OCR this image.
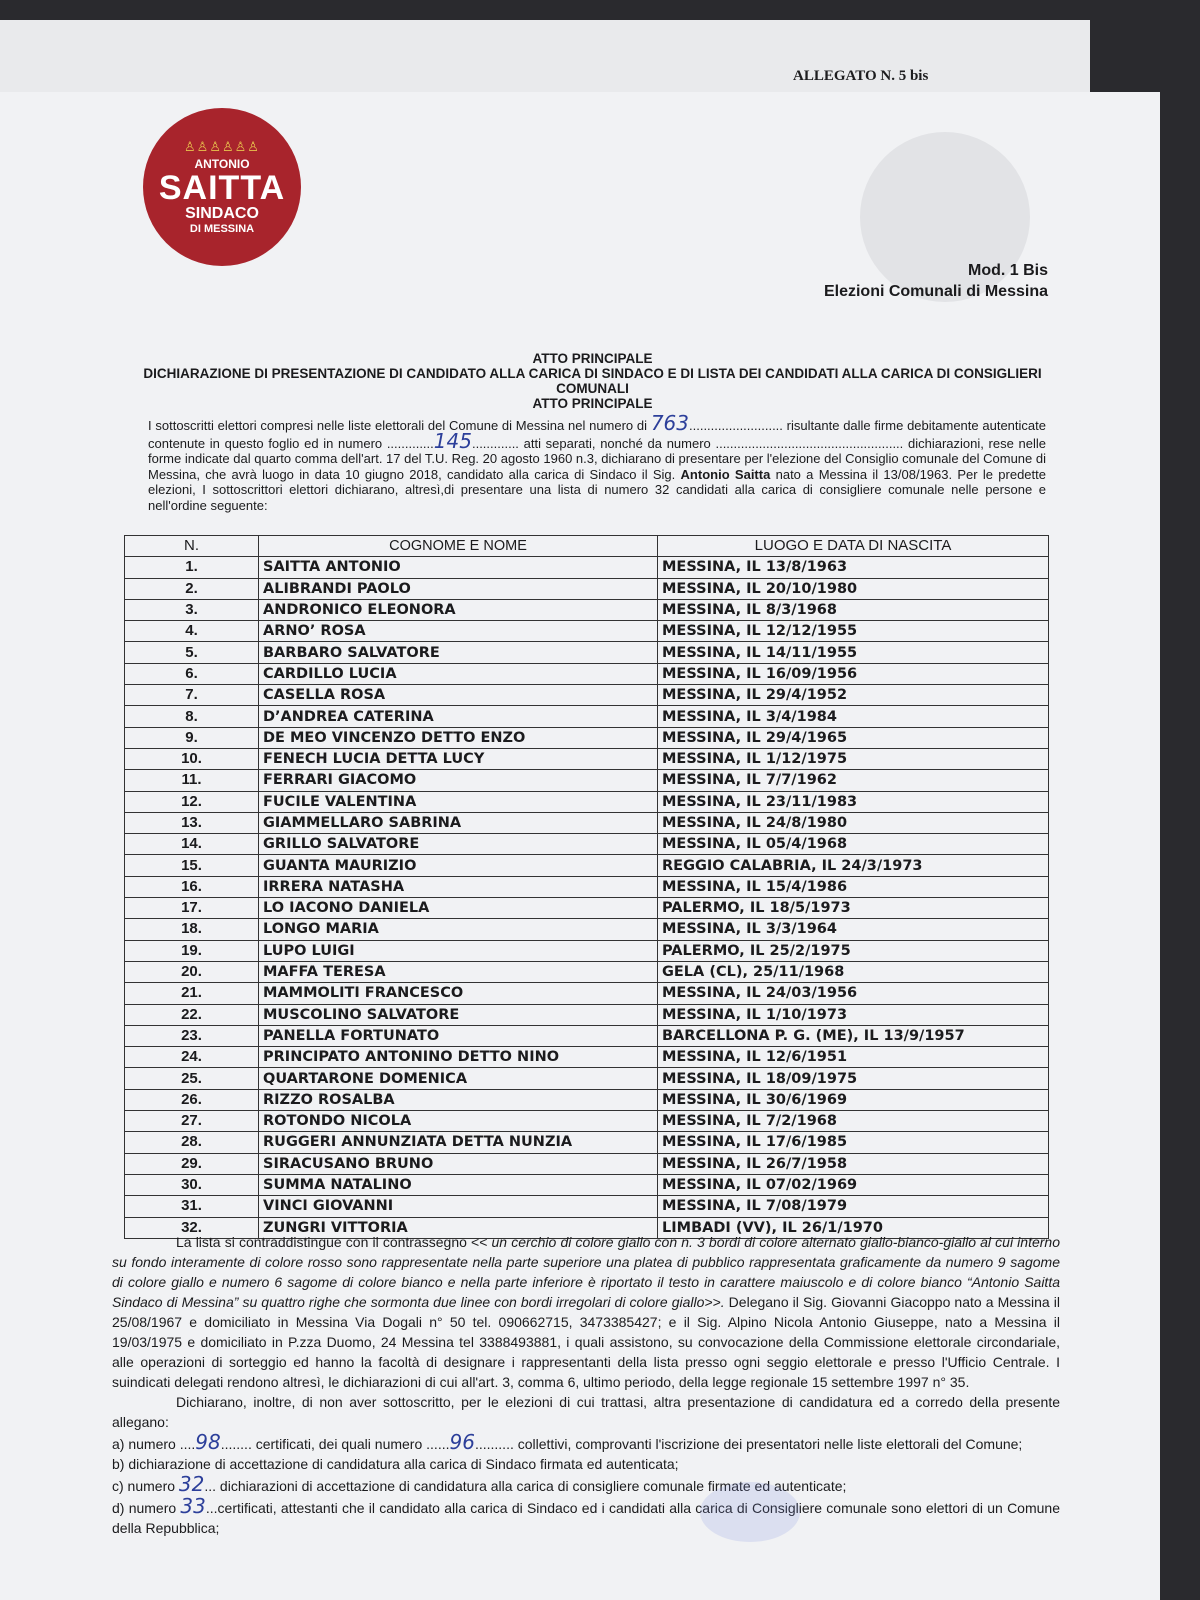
ALLEGATO N. 5 bis
♙♙♙♙♙♙
ANTONIO
SAITTA
SINDACO
DI MESSINA
Mod. 1 Bis
Elezioni Comunali di Messina
ATTO PRINCIPALE
DICHIARAZIONE DI PRESENTAZIONE DI CANDIDATO ALLA CARICA DI SINDACO E DI LISTA DEI CANDIDATI ALLA CARICA DI CONSIGLIERI COMUNALI
ATTO PRINCIPALE
I sottoscritti elettori compresi nelle liste elettorali del Comune di Messina nel numero di 763.......................... risultante dalle firme debitamente autenticate contenute in questo foglio ed in numero .............145............. atti separati, nonché da numero .................................................... dichiarazioni, rese nelle forme indicate dal quarto comma dell'art. 17 del T.U. Reg. 20 agosto 1960 n.3, dichiarano di presentare per l'elezione del Consiglio comunale del Comune di Messina, che avrà luogo in data 10 giugno 2018, candidato alla carica di Sindaco il Sig. Antonio Saitta nato a Messina il 13/08/1963. Per le predette elezioni, I sottoscrittori elettori dichiarano, altresì,di presentare una lista di numero 32 candidati alla carica di consigliere comunale nelle persone e nell'ordine seguente:
N.	COGNOME E NOME	LUOGO E DATA DI NASCITA
1.	SAITTA ANTONIO	MESSINA, IL 13/8/1963
2.	ALIBRANDI PAOLO	MESSINA, IL 20/10/1980
3.	ANDRONICO ELEONORA	MESSINA, IL 8/3/1968
4.	ARNO’ ROSA	MESSINA, IL 12/12/1955
5.	BARBARO SALVATORE	MESSINA, IL 14/11/1955
6.	CARDILLO LUCIA	MESSINA, IL 16/09/1956
7.	CASELLA ROSA	MESSINA, IL 29/4/1952
8.	D’ANDREA CATERINA	MESSINA, IL 3/4/1984
9.	DE MEO VINCENZO DETTO ENZO	MESSINA, IL 29/4/1965
10.	FENECH LUCIA DETTA LUCY	MESSINA, IL 1/12/1975
11.	FERRARI GIACOMO	MESSINA, IL 7/7/1962
12.	FUCILE VALENTINA	MESSINA, IL 23/11/1983
13.	GIAMMELLARO SABRINA	MESSINA, IL 24/8/1980
14.	GRILLO SALVATORE	MESSINA, IL 05/4/1968
15.	GUANTA MAURIZIO	REGGIO CALABRIA, IL 24/3/1973
16.	IRRERA NATASHA	MESSINA, IL 15/4/1986
17.	LO IACONO DANIELA	PALERMO, IL 18/5/1973
18.	LONGO MARIA	MESSINA, IL 3/3/1964
19.	LUPO LUIGI	PALERMO, IL 25/2/1975
20.	MAFFA TERESA	GELA (CL), 25/11/1968
21.	MAMMOLITI FRANCESCO	MESSINA, IL 24/03/1956
22.	MUSCOLINO SALVATORE	MESSINA, IL 1/10/1973
23.	PANELLA FORTUNATO	BARCELLONA P. G. (ME), IL 13/9/1957
24.	PRINCIPATO ANTONINO DETTO NINO	MESSINA, IL 12/6/1951
25.	QUARTARONE DOMENICA	MESSINA, IL 18/09/1975
26.	RIZZO ROSALBA	MESSINA, IL 30/6/1969
27.	ROTONDO NICOLA	MESSINA, IL 7/2/1968
28.	RUGGERI ANNUNZIATA DETTA NUNZIA	MESSINA, IL 17/6/1985
29.	SIRACUSANO BRUNO	MESSINA, IL 26/7/1958
30.	SUMMA NATALINO	MESSINA, IL 07/02/1969
31.	VINCI GIOVANNI	MESSINA, IL 7/08/1979
32.	ZUNGRI VITTORIA	LIMBADI (VV), IL 26/1/1970

La lista si contraddistingue con il contrassegno << un cerchio di colore giallo con n. 3 bordi di colore alternato giallo-bianco-giallo al cui interno su fondo interamente di colore rosso sono rappresentate nella parte superiore una platea di pubblico rappresentata graficamente da numero 9 sagome di colore giallo e numero 6 sagome di colore bianco e nella parte inferiore è riportato il testo in carattere maiuscolo e di colore bianco “Antonio Saitta Sindaco di Messina” su quattro righe che sormonta due linee con bordi irregolari di colore giallo>>. Delegano il Sig. Giovanni Giacoppo nato a Messina il 25/08/1967 e domiciliato in Messina Via Dogali n° 50 tel. 090662715, 3473385427; e il Sig. Alpino Nicola Antonio Giuseppe, nato a Messina il 19/03/1975 e domiciliato in P.zza Duomo, 24 Messina tel 3388493881, i quali assistono, su convocazione della Commissione elettorale circondariale, alle operazioni di sorteggio ed hanno la facoltà di designare i rappresentanti della lista presso ogni seggio elettorale e presso l'Ufficio Centrale. I suindicati delegati rendono altresì, le dichiarazioni di cui all'art. 3, comma 6, ultimo periodo, della legge regionale 15 settembre 1997 n° 35.

Dichiarano, inoltre, di non aver sottoscritto, per le elezioni di cui trattasi, altra presentazione di candidatura ed a corredo della presente allegano:

a) numero ....98........ certificati, dei quali numero ......96.......... collettivi, comprovanti l'iscrizione dei presentatori nelle liste elettorali del Comune;
b) dichiarazione di accettazione di candidatura alla carica di Sindaco firmata ed autenticata;
c) numero 32... dichiarazioni di accettazione di candidatura alla carica di consigliere comunale firmate ed autenticate;
d) numero 33...certificati, attestanti che il candidato alla carica di Sindaco ed i candidati alla carica di Consigliere comunale sono elettori di un Comune della Repubblica;
